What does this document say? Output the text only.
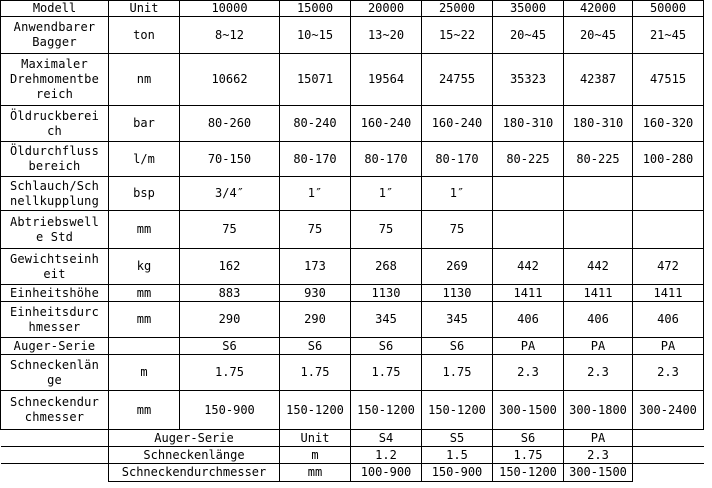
Modell	Unit	10000	15000	20000	25000	35000	42000	50000
Anwendbarer
Bagger	ton	8~12	10~15	13~20	15~22	20~45	20~45	21~45
Maximaler
Drehmomentbe
reich	nm	10662	15071	19564	24755	35323	42387	47515
Öldruckberei
ch	bar	80-260	80-240	160-240	160-240	180-310	180-310	160-320
Öldurchfluss
bereich	l/m	70-150	80-170	80-170	80-170	80-225	80-225	100-280
Schlauch/Sch
nellkupplung	bsp	3/4″	1″	1″	1″			
Abtriebswell
e Std	mm	75	75	75	75			
Gewichtseinh
eit	kg	162	173	268	269	442	442	472
Einheitshöhe	mm	883	930	1130	1130	1411	1411	1411
Einheitsdurc
hmesser	mm	290	290	345	345	406	406	406
Auger-Serie		S6	S6	S6	S6	PA	PA	PA
Schneckenlän
ge	m	1.75	1.75	1.75	1.75	2.3	2.3	2.3
Schneckendur
chmesser	mm	150-900	150-1200	150-1200	150-1200	300-1500	300-1800	300-2400
	Auger-Serie		Unit	S4	S5	S6	PA	
	Schneckenlänge		m	1.2	1.5	1.75	2.3	
	Schneckendurchmesser		mm	100-900	150-900	150-1200	300-1500	
